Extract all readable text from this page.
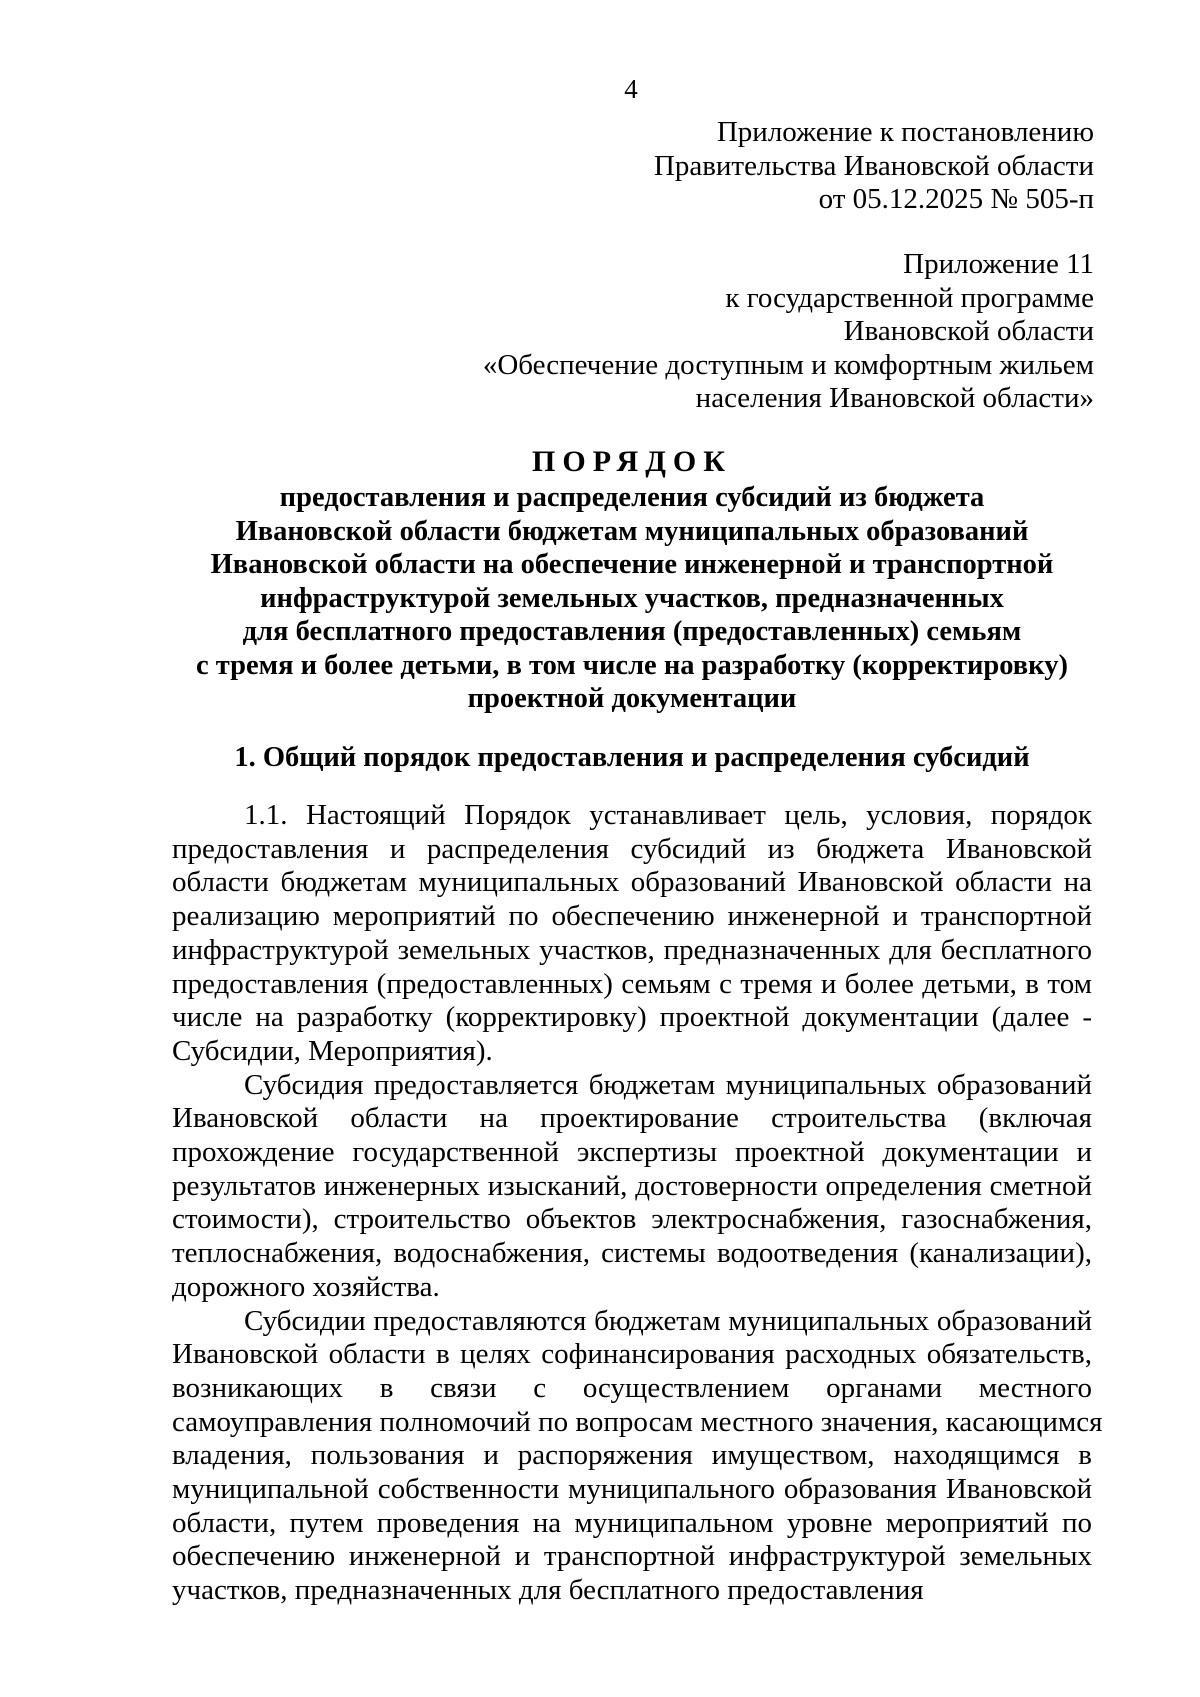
4
Приложение к постановлению
Правительства Ивановской области
от 05.12.2025 № 505-п
Приложение 11
к государственной программе
Ивановской области
«Обеспечение доступным и комфортным жильем
населения Ивановской области»
ПОРЯДОК
предоставления и распределения субсидий из бюджета
Ивановской области бюджетам муниципальных образований
Ивановской области на обеспечение инженерной и транспортной
инфраструктурой земельных участков, предназначенных
для бесплатного предоставления (предоставленных) семьям
с тремя и более детьми, в том числе на разработку (корректировку)
проектной документации
1. Общий порядок предоставления и распределения субсидий
1.1. Настоящий Порядок устанавливает цель, условия, порядок
предоставления и распределения субсидий из бюджета Ивановской
области бюджетам муниципальных образований Ивановской области на
реализацию мероприятий по обеспечению инженерной и транспортной
инфраструктурой земельных участков, предназначенных для бесплатного
предоставления (предоставленных) семьям с тремя и более детьми, в том
числе на разработку (корректировку) проектной документации (далее -
Субсидии, Мероприятия).
Субсидия предоставляется бюджетам муниципальных образований
Ивановской области на проектирование строительства (включая
прохождение государственной экспертизы проектной документации и
результатов инженерных изысканий, достоверности определения сметной
стоимости), строительство объектов электроснабжения, газоснабжения,
теплоснабжения, водоснабжения, системы водоотведения (канализации),
дорожного хозяйства.
Субсидии предоставляются бюджетам муниципальных образований
Ивановской области в целях софинансирования расходных обязательств,
возникающих в связи с осуществлением органами местного
самоуправления полномочий по вопросам местного значения, касающимся
владения, пользования и распоряжения имуществом, находящимся в
муниципальной собственности муниципального образования Ивановской
области, путем проведения на муниципальном уровне мероприятий по
обеспечению инженерной и транспортной инфраструктурой земельных
участков, предназначенных для бесплатного предоставления
